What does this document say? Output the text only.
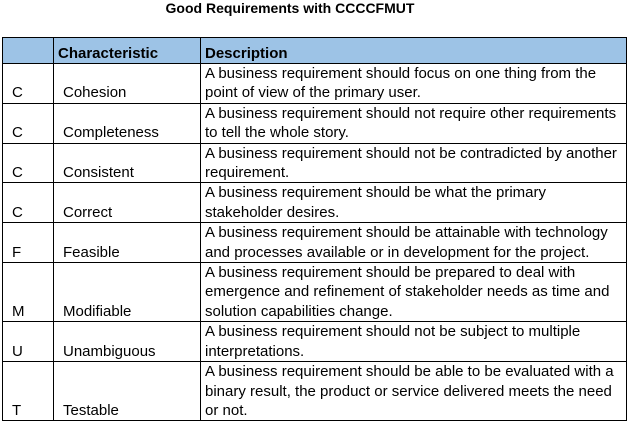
Good Requirements with CCCCFMUT
	Characteristic	Description
C	Cohesion	A business requirement should focus on one thing from the point of view of the primary user.
C	Completeness	A business requirement should not require other requirements to tell the whole story.
C	Consistent	A business requirement should not be contradicted by another requirement.
C	Correct	A business requirement should be what the primary stakeholder desires.
F	Feasible	A business requirement should be attainable with technology and processes available or in development for the project.
M	Modifiable	A business requirement should be prepared to deal with emergence and refinement of stakeholder needs as time and solution capabilities change.
U	Unambiguous	A business requirement should not be subject to multiple interpretations.
T	Testable	A business requirement should be able to be evaluated with a binary result, the product or service delivered meets the need or not.
